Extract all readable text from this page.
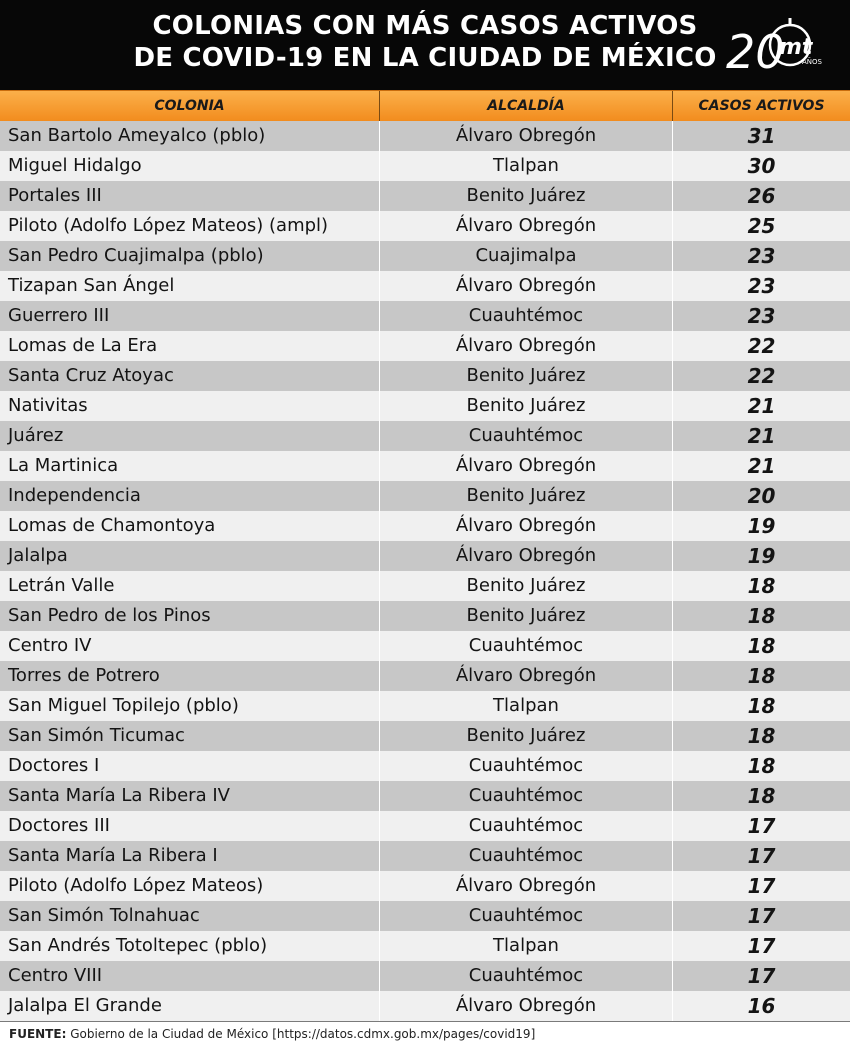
COLONIAS CON MÁS CASOS ACTIVOS
DE COVID-19 EN LA CIUDAD DE MÉXICO 20
mt
AÑOS
COLONIA	ALCALDÍA	CASOS ACTIVOS
San Bartolo Ameyalco (pblo)	Álvaro Obregón	31
Miguel Hidalgo	Tlalpan	30
Portales III	Benito Juárez	26
Piloto (Adolfo López Mateos) (ampl)	Álvaro Obregón	25
San Pedro Cuajimalpa (pblo)	Cuajimalpa	23
Tizapan San Ángel	Álvaro Obregón	23
Guerrero III	Cuauhtémoc	23
Lomas de La Era	Álvaro Obregón	22
Santa Cruz Atoyac	Benito Juárez	22
Nativitas	Benito Juárez	21
Juárez	Cuauhtémoc	21
La Martinica	Álvaro Obregón	21
Independencia	Benito Juárez	20
Lomas de Chamontoya	Álvaro Obregón	19
Jalalpa	Álvaro Obregón	19
Letrán Valle	Benito Juárez	18
San Pedro de los Pinos	Benito Juárez	18
Centro IV	Cuauhtémoc	18
Torres de Potrero	Álvaro Obregón	18
San Miguel Topilejo (pblo)	Tlalpan	18
San Simón Ticumac	Benito Juárez	18
Doctores I	Cuauhtémoc	18
Santa María La Ribera IV	Cuauhtémoc	18
Doctores III	Cuauhtémoc	17
Santa María La Ribera I	Cuauhtémoc	17
Piloto (Adolfo López Mateos)	Álvaro Obregón	17
San Simón Tolnahuac	Cuauhtémoc	17
San Andrés Totoltepec (pblo)	Tlalpan	17
Centro VIII	Cuauhtémoc	17
Jalalpa El Grande	Álvaro Obregón	16
FUENTE: Gobierno de la Ciudad de México [https://datos.cdmx.gob.mx/pages/covid19]
